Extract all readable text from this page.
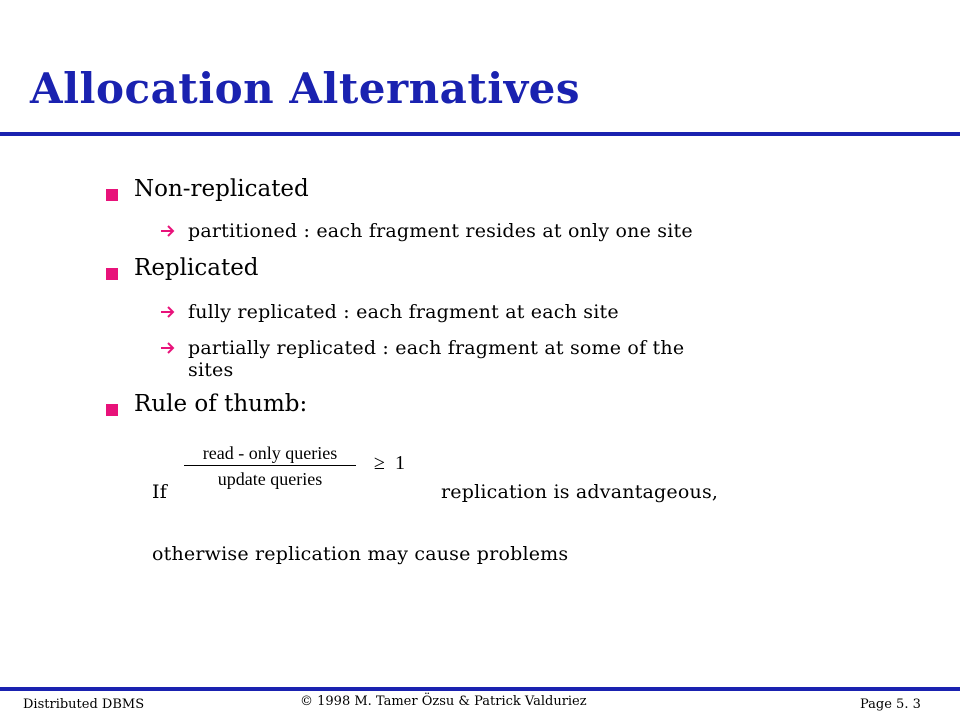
Allocation Alternatives
Non-replicated
partitioned : each fragment resides at only one site
Replicated
fully replicated : each fragment at each site
partially replicated : each fragment at some of the
sites
Rule of thumb:
read - only queries
update queries
≥ 1
If	replication is advantageous,
otherwise replication may cause problems
Distributed DBMS	© 1998 M. Tamer Özsu & Patrick Valduriez	Page 5. 3
